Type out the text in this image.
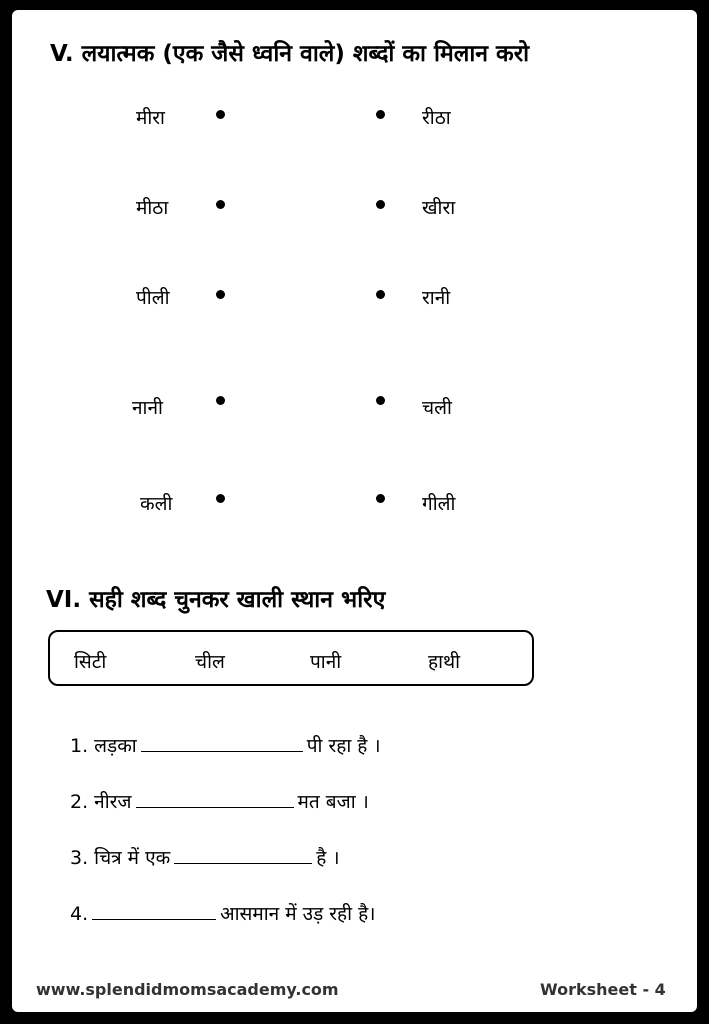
V. लयात्मक (एक जैसे ध्वनि वाले) शब्दों का मिलान करो
मीरा	रीठा
मीठा	खीरा
पीली	रानी
नानी	चली
कली	गीली
VI. सही शब्द चुनकर खाली स्थान भरिए
सिटी	चील	पानी	हाथी
1. लड़का	पी रहा है ।
2. नीरज	मत बजा ।
3. चित्र में एक	है ।
4.	आसमान में उड़ रही है।
www.splendidmomsacademy.com	Worksheet - 4
